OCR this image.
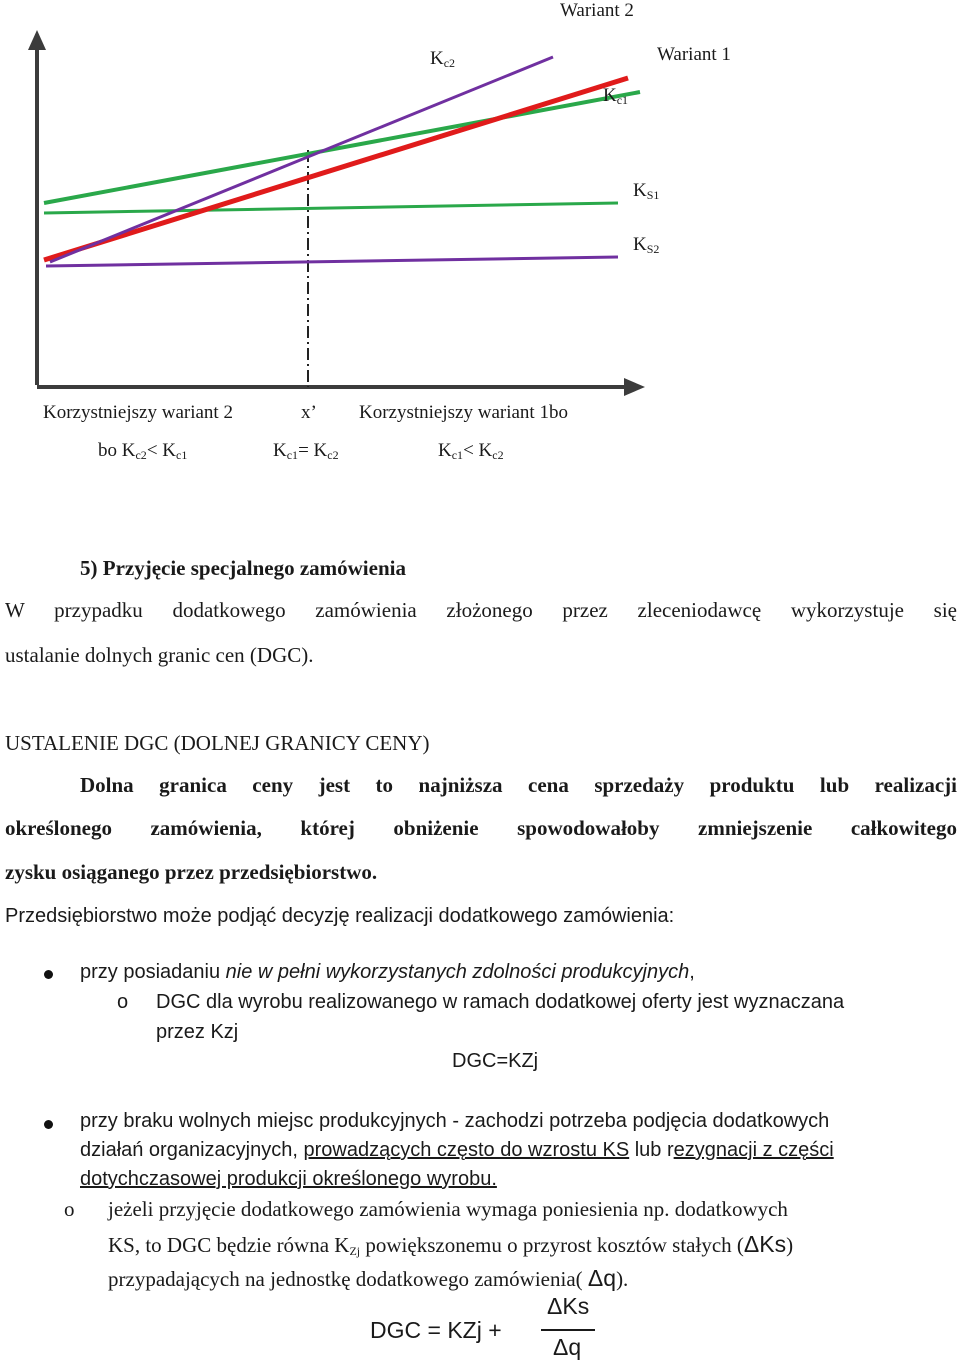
Wariant 2
Wariant 1
$K_{c2}$
$K_{c1}$
$K_{S1}$
$K_{S2}$
Korzystniejszy wariant 2	x’ Korzystniejszy wariant 1bo
bo $K_{c2}< K_{c1}$	$K_{c1}= K_{c2}$	$K_{c1}< K_{c2}$
5) Przyjęcie specjalnego zamówienia
W przypadku dodatkowego zamówienia złożonego przez zleceniodawcę wykorzystuje się
ustalanie dolnych granic cen (DGC).
USTALENIE DGC (DOLNEJ GRANICY CENY)
Dolna granica ceny jest to najniższa cena sprzedaży produktu lub realizacji
określonego zamówienia, której obniżenie spowodowałoby zmniejszenie całkowitego
zysku osiąganego przez przedsiębiorstwo.
Przedsiębiorstwo może podjąć decyzję realizacji dodatkowego zamówienia:
przy posiadaniu nie w pełni wykorzystanych zdolności produkcyjnych,
o DGC dla wyrobu realizowanego w ramach dodatkowej oferty jest wyznaczana
przez Kzj
DGC=KZj
przy braku wolnych miejsc produkcyjnych - zachodzi potrzeba podjęcia dodatkowych
działań organizacyjnych, prowadzących często do wzrostu KS lub rezygnacji z części
dotychczasowej produkcji określonego wyrobu.
o jeżeli przyjęcie dodatkowego zamówienia wymaga poniesienia np. dodatkowych
KS, to DGC będzie równa $K_{Zj}$ powiększonemu o przyrost kosztów stałych (ΔKs)
przypadających na jednostkę dodatkowego zamówienia( Δq).
DGC = KZj +
ΔKs
Δq
